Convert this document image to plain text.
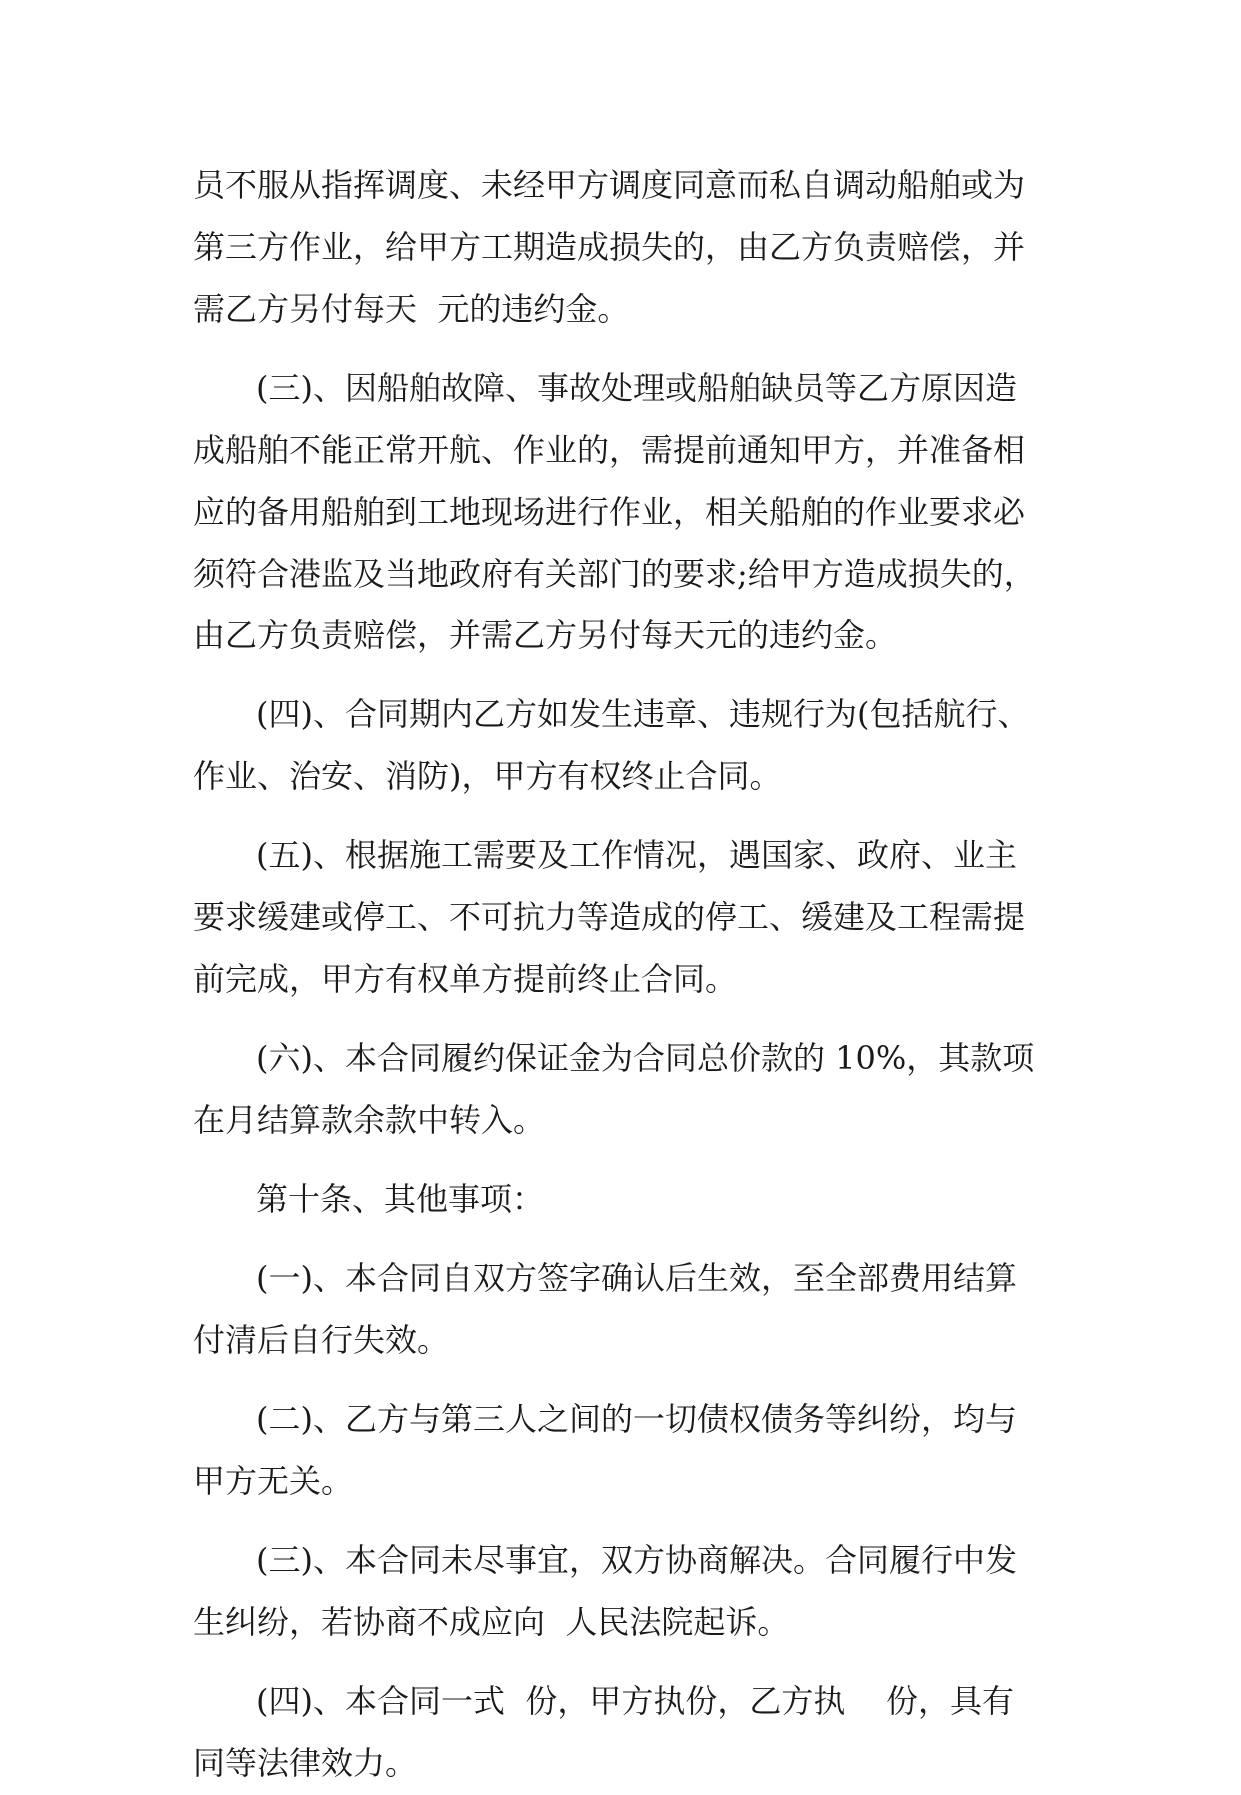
员不服从指挥调度、未经甲方调度同意而私自调动船舶或为
第三方作业，给甲方工期造成损失的，由乙方负责赔偿，并
需乙方另付每天  元的违约金。
(三)、因船舶故障、事故处理或船舶缺员等乙方原因造
成船舶不能正常开航、作业的，需提前通知甲方，并准备相
应的备用船舶到工地现场进行作业，相关船舶的作业要求必
须符合港监及当地政府有关部门的要求;给甲方造成损失的，
由乙方负责赔偿，并需乙方另付每天元的违约金。
(四)、合同期内乙方如发生违章、违规行为(包括航行、
作业、治安、消防)，甲方有权终止合同。
(五)、根据施工需要及工作情况，遇国家、政府、业主
要求缓建或停工、不可抗力等造成的停工、缓建及工程需提
前完成，甲方有权单方提前终止合同。
(六)、本合同履约保证金为合同总价款的 10%，其款项
在月结算款余款中转入。
第十条、其他事项：
(一)、本合同自双方签字确认后生效，至全部费用结算
付清后自行失效。
(二)、乙方与第三人之间的一切债权债务等纠纷，均与
甲方无关。
(三)、本合同未尽事宜，双方协商解决。合同履行中发
生纠纷，若协商不成应向  人民法院起诉。
(四)、本合同一式  份，甲方执份，乙方执    份，具有
同等法律效力。
